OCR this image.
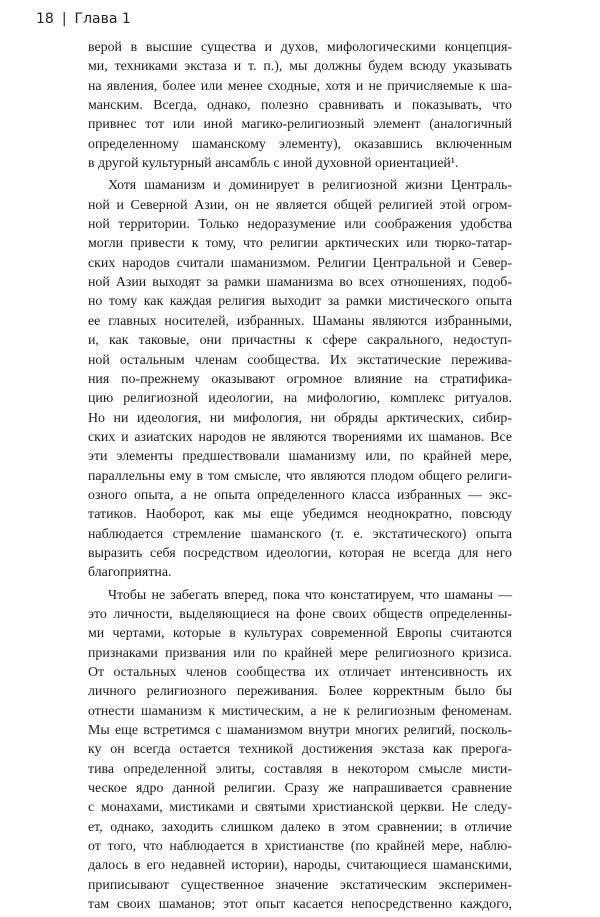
18 | Глава 1
верой в высшие существа и духов, мифологическими концепция-
ми, техниками экстаза и т. п.), мы должны будем всюду указывать
на явления, более или менее сходные, хотя и не причисляемые к ша-
манским. Всегда, однако, полезно сравнивать и показывать, что
привнес тот или иной магико-религиозный элемент (аналогичный
определенному шаманскому элементу), оказавшись включенным
в другой культурный ансамбль с иной духовной ориентацией¹.
Хотя шаманизм и доминирует в религиозной жизни Централь-
ной и Северной Азии, он не является общей религией этой огром-
ной территории. Только недоразумение или соображения удобства
могли привести к тому, что религии арктических или тюрко-татар-
ских народов считали шаманизмом. Религии Центральной и Север-
ной Азии выходят за рамки шаманизма во всех отношениях, подоб-
но тому как каждая религия выходит за рамки мистического опыта
ее главных носителей, избранных. Шаманы являются избранными,
и, как таковые, они причастны к сфере сакрального, недоступ-
ной остальным членам сообщества. Их экстатические пережива-
ния по-прежнему оказывают огромное влияние на стратифика-
цию религиозной идеологии, на мифологию, комплекс ритуалов.
Но ни идеология, ни мифология, ни обряды арктических, сибир-
ских и азиатских народов не являются творениями их шаманов. Все
эти элементы предшествовали шаманизму или, по крайней мере,
параллельны ему в том смысле, что являются плодом общего религи-
озного опыта, а не опыта определенного класса избранных — экс-
татиков. Наоборот, как мы еще убедимся неоднократно, повсюду
наблюдается стремление шаманского (т. е. экстатического) опыта
выразить себя посредством идеологии, которая не всегда для него
благоприятна.
Чтобы не забегать вперед, пока что констатируем, что шаманы —
это личности, выделяющиеся на фоне своих обществ определенны-
ми чертами, которые в культурах современной Европы считаются
признаками призвания или по крайней мере религиозного кризиса.
От остальных членов сообщества их отличает интенсивность их
личного религиозного переживания. Более корректным было бы
отнести шаманизм к мистическим, а не к религиозным феноменам.
Мы еще встретимся с шаманизмом внутри многих религий, посколь-
ку он всегда остается техникой достижения экстаза как прерога-
тива определенной элиты, составляя в некотором смысле мисти-
ческое ядро данной религии. Сразу же напрашивается сравнение
с монахами, мистиками и святыми христианской церкви. Не следу-
ет, однако, заходить слишком далеко в этом сравнении; в отличие
от того, что наблюдается в христианстве (по крайней мере, наблю-
далось в его недавней истории), народы, считающиеся шаманскими,
приписывают существенное значение экстатическим эксперимен-
там своих шаманов; этот опыт касается непосредственно каждого,
